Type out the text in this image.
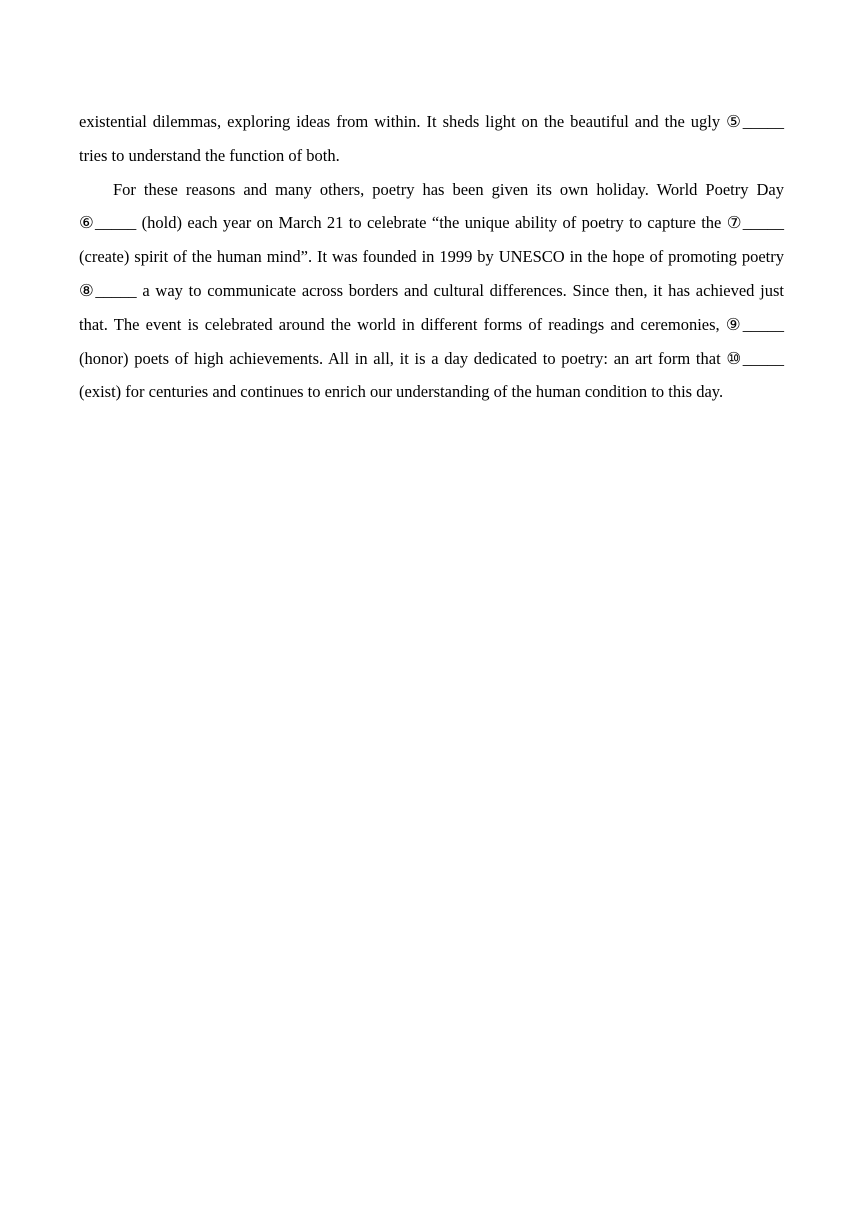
existential dilemmas, exploring ideas from within. It sheds light on the beautiful and the ugly ⑤_____ tries to understand the function of both.

For these reasons and many others, poetry has been given its own holiday. World Poetry Day ⑥_____ (hold) each year on March 21 to celebrate “the unique ability of poetry to capture the ⑦_____ (create) spirit of the human mind”. It was founded in 1999 by UNESCO in the hope of promoting poetry ⑧_____ a way to communicate across borders and cultural differences. Since then, it has achieved just that. The event is celebrated around the world in different forms of readings and ceremonies, ⑨_____ (honor) poets of high achievements. All in all, it is a day dedicated to poetry: an art form that ⑩_____ (exist) for centuries and continues to enrich our understanding of the human condition to this day.
